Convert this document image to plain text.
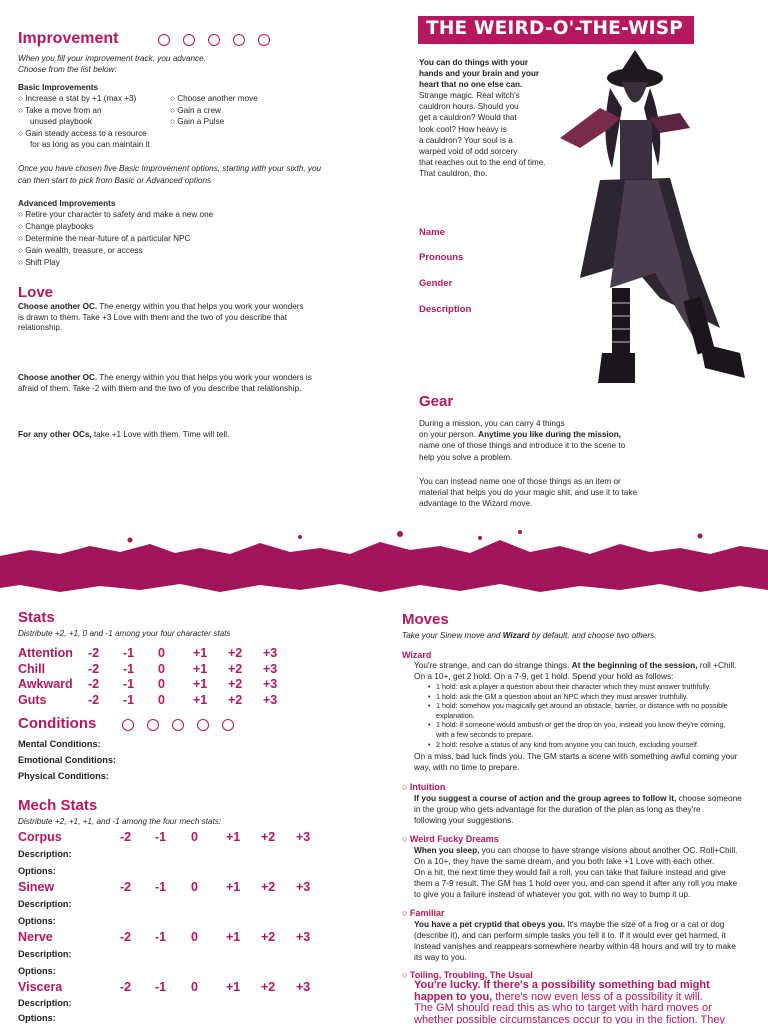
Improvement
When you fill your improvement track, you advance.
Choose from the list below:
Basic Improvements
○ Increase a stat by +1 (max +3)
○ Take a move from an
unused playbook
○ Gain steady access to a resource
for as long as you can maintain it
○ Choose another move
○ Gain a crew
○ Gain a Pulse
Once you have chosen five Basic Improvement options, starting with your sixth, you
can then start to pick from Basic or Advanced options
Advanced Improvements
○ Retire your character to safety and make a new one
○ Change playbooks
○ Determine the near-future of a particular NPC
○ Gain wealth, treasure, or access
○ Shift Play
Love
Choose another OC. The energy within you that helps you work your wonders
is drawn to them. Take +3 Love with them and the two of you describe that
relationship.
Choose another OC. The energy within you that helps you work your wonders is
afraid of them. Take -2 with them and the two of you describe that relationship.
For any other OCs, take +1 Love with them. Time will tell.
THE WEIRD-O'-THE-WISP
You can do things with your
hands and your brain and your
heart that no one else can.
Strange magic. Real witch's
cauldron hours. Should you
get a cauldron? Would that
look cool? How heavy is
a cauldron? Your soul is a
warped void of odd sorcery
that reaches out to the end of time.
That cauldron, tho.
Name
Pronouns
Gender
Description
Gear
During a mission, you can carry 4 things
on your person. Anytime you like during the mission,
name one of those things and introduce it to the scene to
help you solve a problem.
You can instead name one of those things as an item or
material that helps you do your magic shit, and use it to take
advantage to the Wizard move.
Stats
Distribute +2, +1, 0 and -1 among your four character stats
Attention -2 -1 0 +1 +2 +3
Chill	-2 -1 0 +1 +2 +3
Awkward -2 -1 0 +1 +2 +3
Guts	-2 -1 0 +1 +2 +3
Conditions
Mental Conditions:
Emotional Conditions:
Physical Conditions:
Mech Stats
Distribute +2, +1, +1, and -1 among the four mech stats:
Corpus	-2 -1 0 +1 +2 +3
Description:
Options:
Sinew	-2 -1 0 +1 +2 +3
Description:
Options:
Nerve	-2 -1 0 +1 +2 +3
Description:
Options:
Viscera	-2 -1 0 +1 +2 +3
Description:
Options:
Moves
Take your Sinew move and Wizard by default, and choose two others.
Wizard
You're strange, and can do strange things. At the beginning of the session, roll +Chill.
On a 10+, get 2 hold. On a 7-9, get 1 hold. Spend your hold as follows:
• 1 hold: ask a player a question about their character which they must answer truthfully.
• 1 hold: ask the GM a question about an NPC which they must answer truthfully.
• 1 hold: somehow you magically get around an obstacle, barrier, or distance with no possible
explanation.
• 1 hold: if someone would ambush or get the drop on you, instead you know they're coming,
with a few seconds to prepare.
• 2 hold: resolve a status of any kind from anyone you can touch, excluding yourself.
On a miss, bad luck finds you. The GM starts a scene with something awful coming your
way, with no time to prepare.
○ Intuition
If you suggest a course of action and the group agrees to follow it, choose someone
in the group who gets advantage for the duration of the plan as long as they're
following your suggestions.
○ Weird Fucky Dreams
When you sleep, you can choose to have strange visions about another OC. Roll+Chill.
On a 10+, they have the same dream, and you both take +1 Love with each other.
On a hit, the next time they would fail a roll, you can take that failure instead and give
them a 7-9 result. The GM has 1 hold over you, and can spend it after any roll you make
to give you a failure instead of whatever you got, with no way to bump it up.
○ Familiar
You have a pet cryptid that obeys you. It's maybe the size of a frog or a cat or dog
(describe it), and can perform simple tasks you tell it to. If it would ever get harmed, it
instead vanishes and reappears somewhere nearby within 48 hours and will try to make
its way to you.
○ Toiling, Troubling, The Usual
You're lucky. If there's a possibility something bad might
happen to you, there's now even less of a possibility it will.
The GM should read this as who to target with hard moves or
whether possible circumstances occur to you in the fiction. They
